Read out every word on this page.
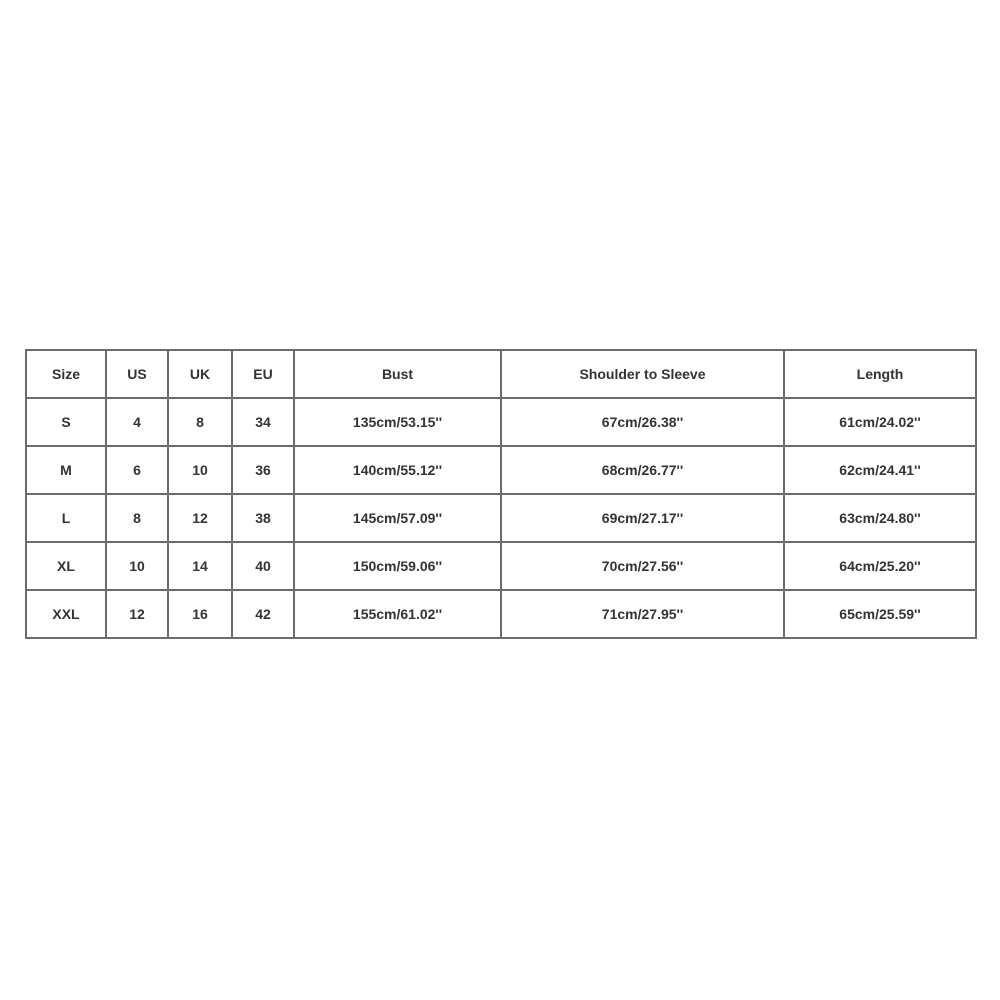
Size	US	UK	EU	Bust	Shoulder to Sleeve	Length
S	4	8	34	135cm/53.15''	67cm/26.38''	61cm/24.02''
M	6	10	36	140cm/55.12''	68cm/26.77''	62cm/24.41''
L	8	12	38	145cm/57.09''	69cm/27.17''	63cm/24.80''
XL	10	14	40	150cm/59.06''	70cm/27.56''	64cm/25.20''
XXL	12	16	42	155cm/61.02''	71cm/27.95''	65cm/25.59''
